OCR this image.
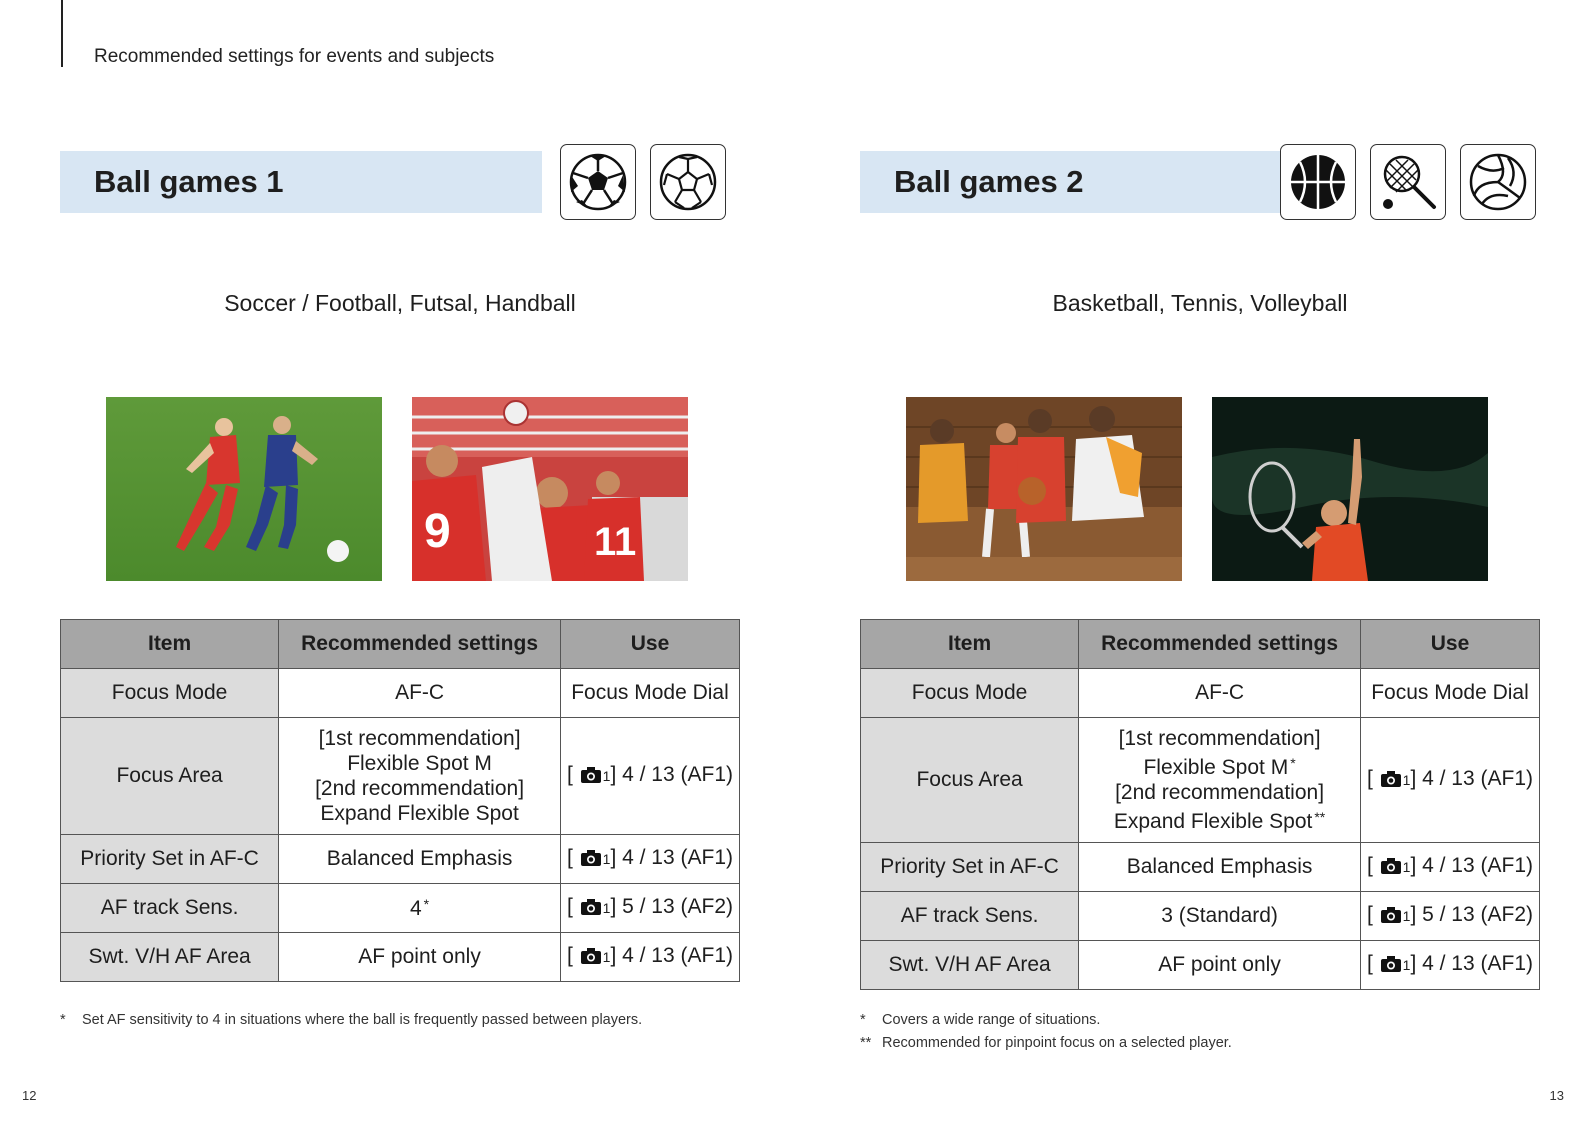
Recommended settings for events and subjects
12	13
Ball games 1
Soccer / Football, Futsal, Handball
9	11
Item	Recommended settings	Use
Focus Mode	AF-C	Focus Mode Dial
Focus Area	[1st recommendation]
Flexible Spot M
[2nd recommendation]
Expand Flexible Spot	[ 1] 4 / 13 (AF1)
Priority Set in AF-C	Balanced Emphasis	[ 1] 4 / 13 (AF1)
AF track Sens.	4 *	[ 1] 5 / 13 (AF2)
Swt. V/H AF Area	AF point only	[ 1] 4 / 13 (AF1)
* Set AF sensitivity to 4 in situations where the ball is frequently passed between players.
Ball games 2
Basketball, Tennis, Volleyball
Item	Recommended settings	Use
Focus Mode	AF-C	Focus Mode Dial
Focus Area	[1st recommendation]
Flexible Spot M *
[2nd recommendation]
Expand Flexible Spot **	[ 1] 4 / 13 (AF1)
Priority Set in AF-C	Balanced Emphasis	[ 1] 4 / 13 (AF1)
AF track Sens.	3 (Standard)	[ 1] 5 / 13 (AF2)
Swt. V/H AF Area	AF point only	[ 1] 4 / 13 (AF1)
* Covers a wide range of situations.
** Recommended for pinpoint focus on a selected player.
